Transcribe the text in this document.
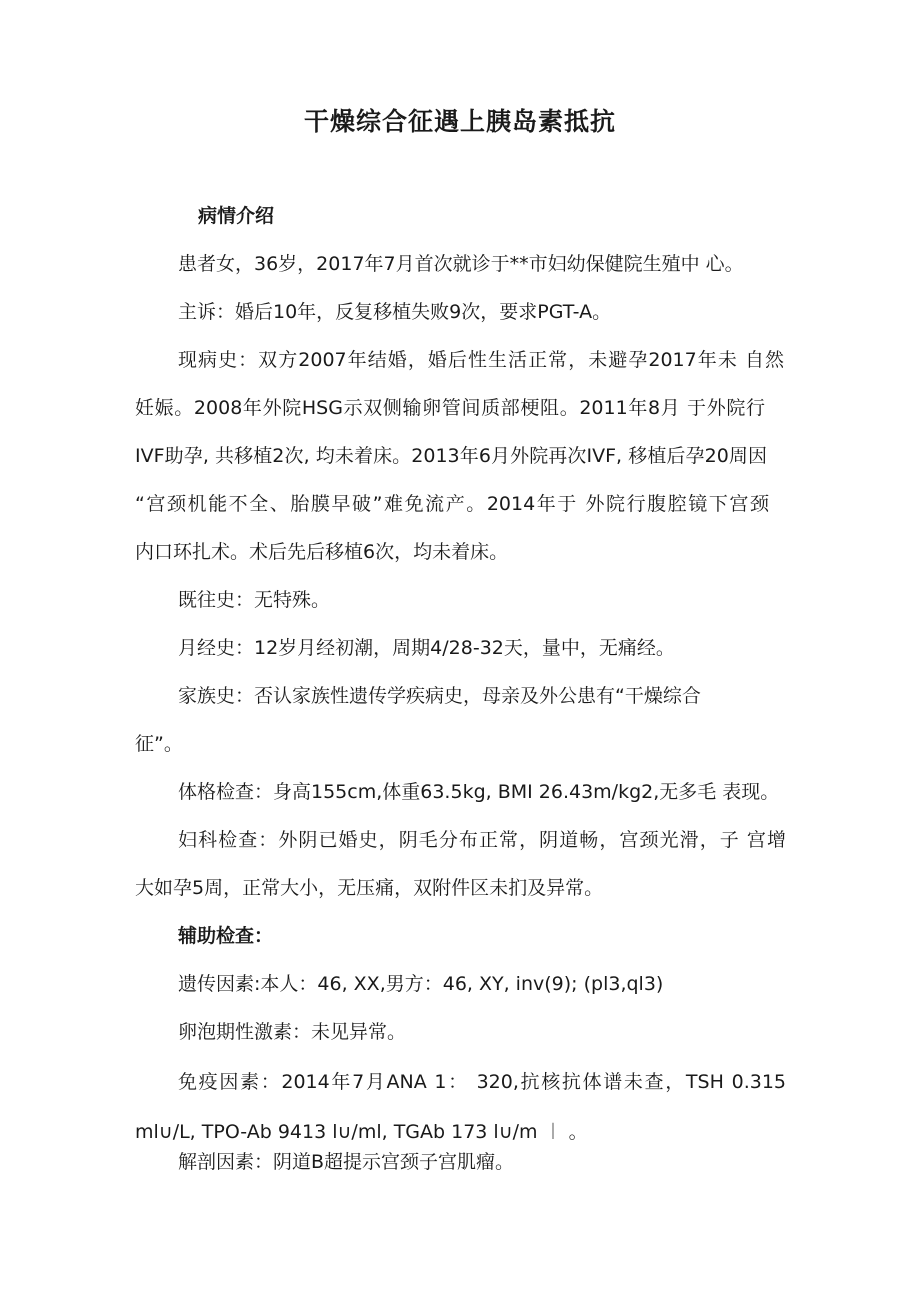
干燥综合征遇上胰岛素抵抗
病情介绍
患者女，36岁，2017年7月首次就诊于**市妇幼保健院生殖中 心。
主诉：婚后10年，反复移植失败9次，要求PGT-A。
现病史：双方2007年结婚，婚后性生活正常，未避孕2017年未 自然
妊娠。2008年外院HSG示双侧输卵管间质部梗阻。2011年8月 于外院行
IVF助孕, 共移植2次, 均未着床。2013年6月外院再次IVF, 移植后孕20周因
“宫颈机能不全、胎膜早破”难免流产。2014年于 外院行腹腔镜下宫颈
内口环扎术。术后先后移植6次，均未着床。
既往史：无特殊。
月经史：12岁月经初潮，周期4/28-32天，量中，无痛经。
家族史：否认家族性遗传学疾病史，母亲及外公患有“干燥综合
征”。
体格检查：身高155cm,体重63.5kg, BMI 26.43m∕kg2,无多毛 表现。
妇科检查：外阴已婚史，阴毛分布正常，阴道畅，宫颈光滑，子 宫增
大如孕5周，正常大小，无压痛，双附件区未扪及异常。
辅助检查：
遗传因素:本人：46, XX,男方：46, XY, inv(9); (pl3,ql3)
卵泡期性激素：未见异常。
免疫因素：2014年7月ANA 1： 320,抗核抗体谱未查，TSH 0.315
ml∪∕L, TPO-Ab 9413 l∪∕ml, TGAb 173 l∪∕m ︱ 。
解剖因素：阴道B超提示宫颈子宫肌瘤。
